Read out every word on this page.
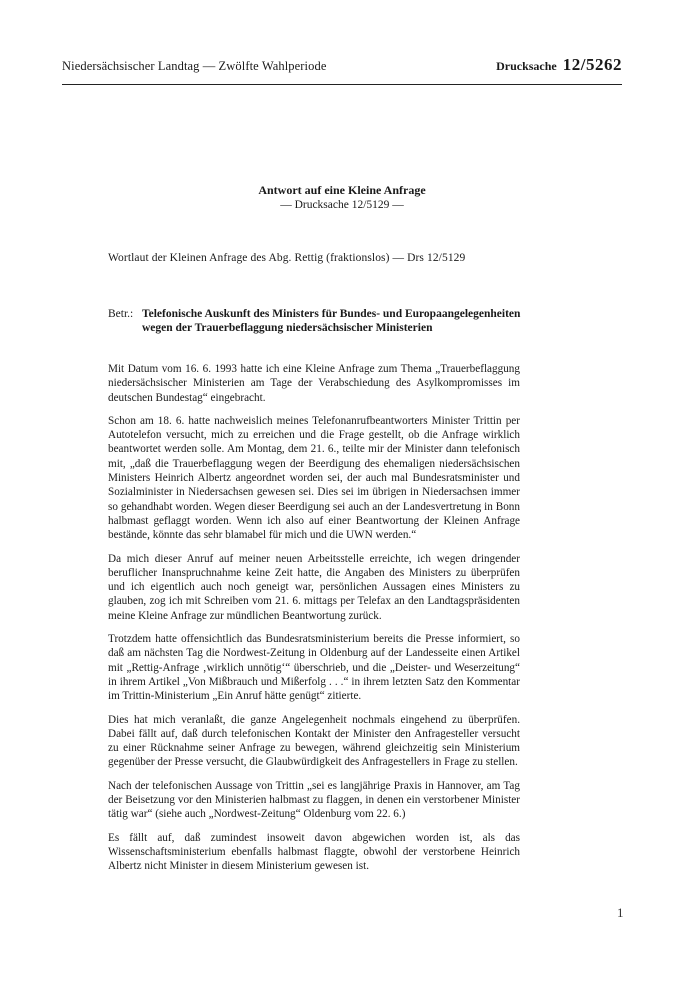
Niedersächsischer Landtag — Zwölfte Wahlperiode	Drucksache 12/5262
Antwort auf eine Kleine Anfrage
— Drucksache 12/5129 —
Wortlaut der Kleinen Anfrage des Abg. Rettig (fraktionslos) — Drs 12/5129
Betr.: Telefonische Auskunft des Ministers für Bundes- und Europaangelegenheiten wegen der Trauerbeflaggung niedersächsischer Ministerien

Mit Datum vom 16. 6. 1993 hatte ich eine Kleine Anfrage zum Thema „Trauerbeflaggung niedersächsischer Ministerien am Tage der Verabschiedung des Asylkompromisses im deutschen Bundestag“ eingebracht.

Schon am 18. 6. hatte nachweislich meines Telefonanrufbeantworters Minister Trittin per Autotelefon versucht, mich zu erreichen und die Frage gestellt, ob die Anfrage wirklich beantwortet werden solle. Am Montag, dem 21. 6., teilte mir der Minister dann telefonisch mit, „daß die Trauerbeflaggung wegen der Beerdigung des ehemaligen niedersächsischen Ministers Heinrich Albertz angeordnet worden sei, der auch mal Bundesratsminister und Sozialminister in Niedersachsen gewesen sei. Dies sei im übrigen in Niedersachsen immer so gehandhabt worden. Wegen dieser Beerdigung sei auch an der Landesvertretung in Bonn halbmast geflaggt worden. Wenn ich also auf einer Beantwortung der Kleinen Anfrage bestände, könnte das sehr blamabel für mich und die UWN werden.“

Da mich dieser Anruf auf meiner neuen Arbeitsstelle erreichte, ich wegen dringender beruflicher Inanspruchnahme keine Zeit hatte, die Angaben des Ministers zu überprüfen und ich eigentlich auch noch geneigt war, persönlichen Aussagen eines Ministers zu glauben, zog ich mit Schreiben vom 21. 6. mittags per Telefax an den Landtagspräsidenten meine Kleine Anfrage zur mündlichen Beantwortung zurück.

Trotzdem hatte offensichtlich das Bundesratsministerium bereits die Presse informiert, so daß am nächsten Tag die Nordwest-Zeitung in Oldenburg auf der Landesseite einen Artikel mit „Rettig-Anfrage ‚wirklich unnötig‘“ überschrieb, und die „Deister- und Weserzeitung“ in ihrem Artikel „Von Mißbrauch und Mißerfolg . . .“ in ihrem letzten Satz den Kommentar im Trittin-Ministerium „Ein Anruf hätte genügt“ zitierte.

Dies hat mich veranlaßt, die ganze Angelegenheit nochmals eingehend zu überprüfen. Dabei fällt auf, daß durch telefonischen Kontakt der Minister den Anfragesteller versucht zu einer Rücknahme seiner Anfrage zu bewegen, während gleichzeitig sein Ministerium gegenüber der Presse versucht, die Glaubwürdigkeit des Anfragestellers in Frage zu stellen.

Nach der telefonischen Aussage von Trittin „sei es langjährige Praxis in Hannover, am Tag der Beisetzung vor den Ministerien halbmast zu flaggen, in denen ein verstorbener Minister tätig war“ (siehe auch „Nordwest-Zeitung“ Oldenburg vom 22. 6.)

Es fällt auf, daß zumindest insoweit davon abgewichen worden ist, als das Wissenschaftsministerium ebenfalls halbmast flaggte, obwohl der verstorbene Heinrich Albertz nicht Minister in diesem Ministerium gewesen ist.

1
